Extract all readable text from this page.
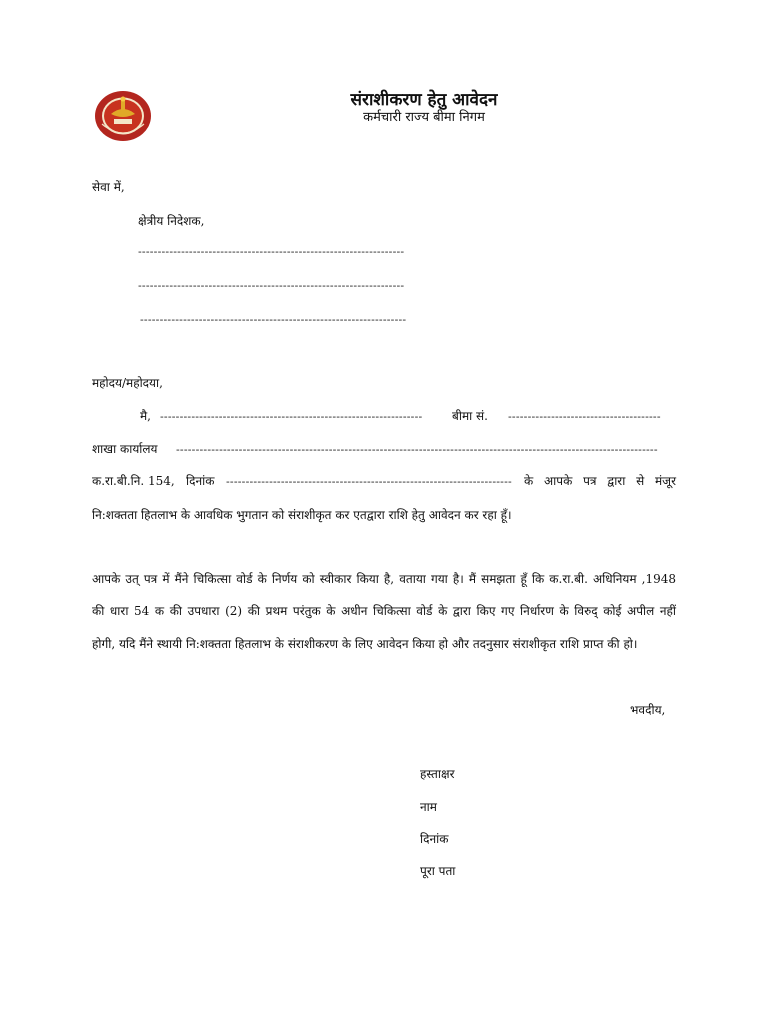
संराशीकरण हेतु आवेदन
कर्मचारी राज्य बीमा निगम
सेवा में,
क्षेत्रीय निदेशक,
--------------------------------------------------------------------
--------------------------------------------------------------------
--------------------------------------------------------------------
महोदय/महोदया,
मै, -------------------------------------------------------------------	बीमा सं. ---------------------------------------
शाखा कार्यालय ---------------------------------------------------------------------------------------------------------------------------
क.रा.बी.नि. 154, दिनांक -------------------------------------------------------------------------	के आपके पत्र द्वारा से मंजूर
नि:शक्तता हितलाभ के आवधिक भुगतान को संराशीकृत कर एतद्वारा राशि हेतु आवेदन कर रहा हूँ।
आपके उत् पत्र में मैंने चिकित्सा वोर्ड के निर्णय को स्वीकार किया है, वताया गया है। मैं समझता हूँ कि क.रा.बी. अधिनियम ,1948
की धारा 54 क की उपधारा (2) की प्रथम परंतुक के अधीन चिकित्सा वोर्ड के द्वारा किए गए निर्धारण के विरुद् कोई अपील नहीं
होगी, यदि मैंने स्थायी नि:शक्तता हितलाभ के संराशीकरण के लिए आवेदन किया हो और तदनुसार संराशीकृत राशि प्राप्त की हो।
भवदीय,
हस्ताक्षर
नाम
दिनांक
पूरा पता
